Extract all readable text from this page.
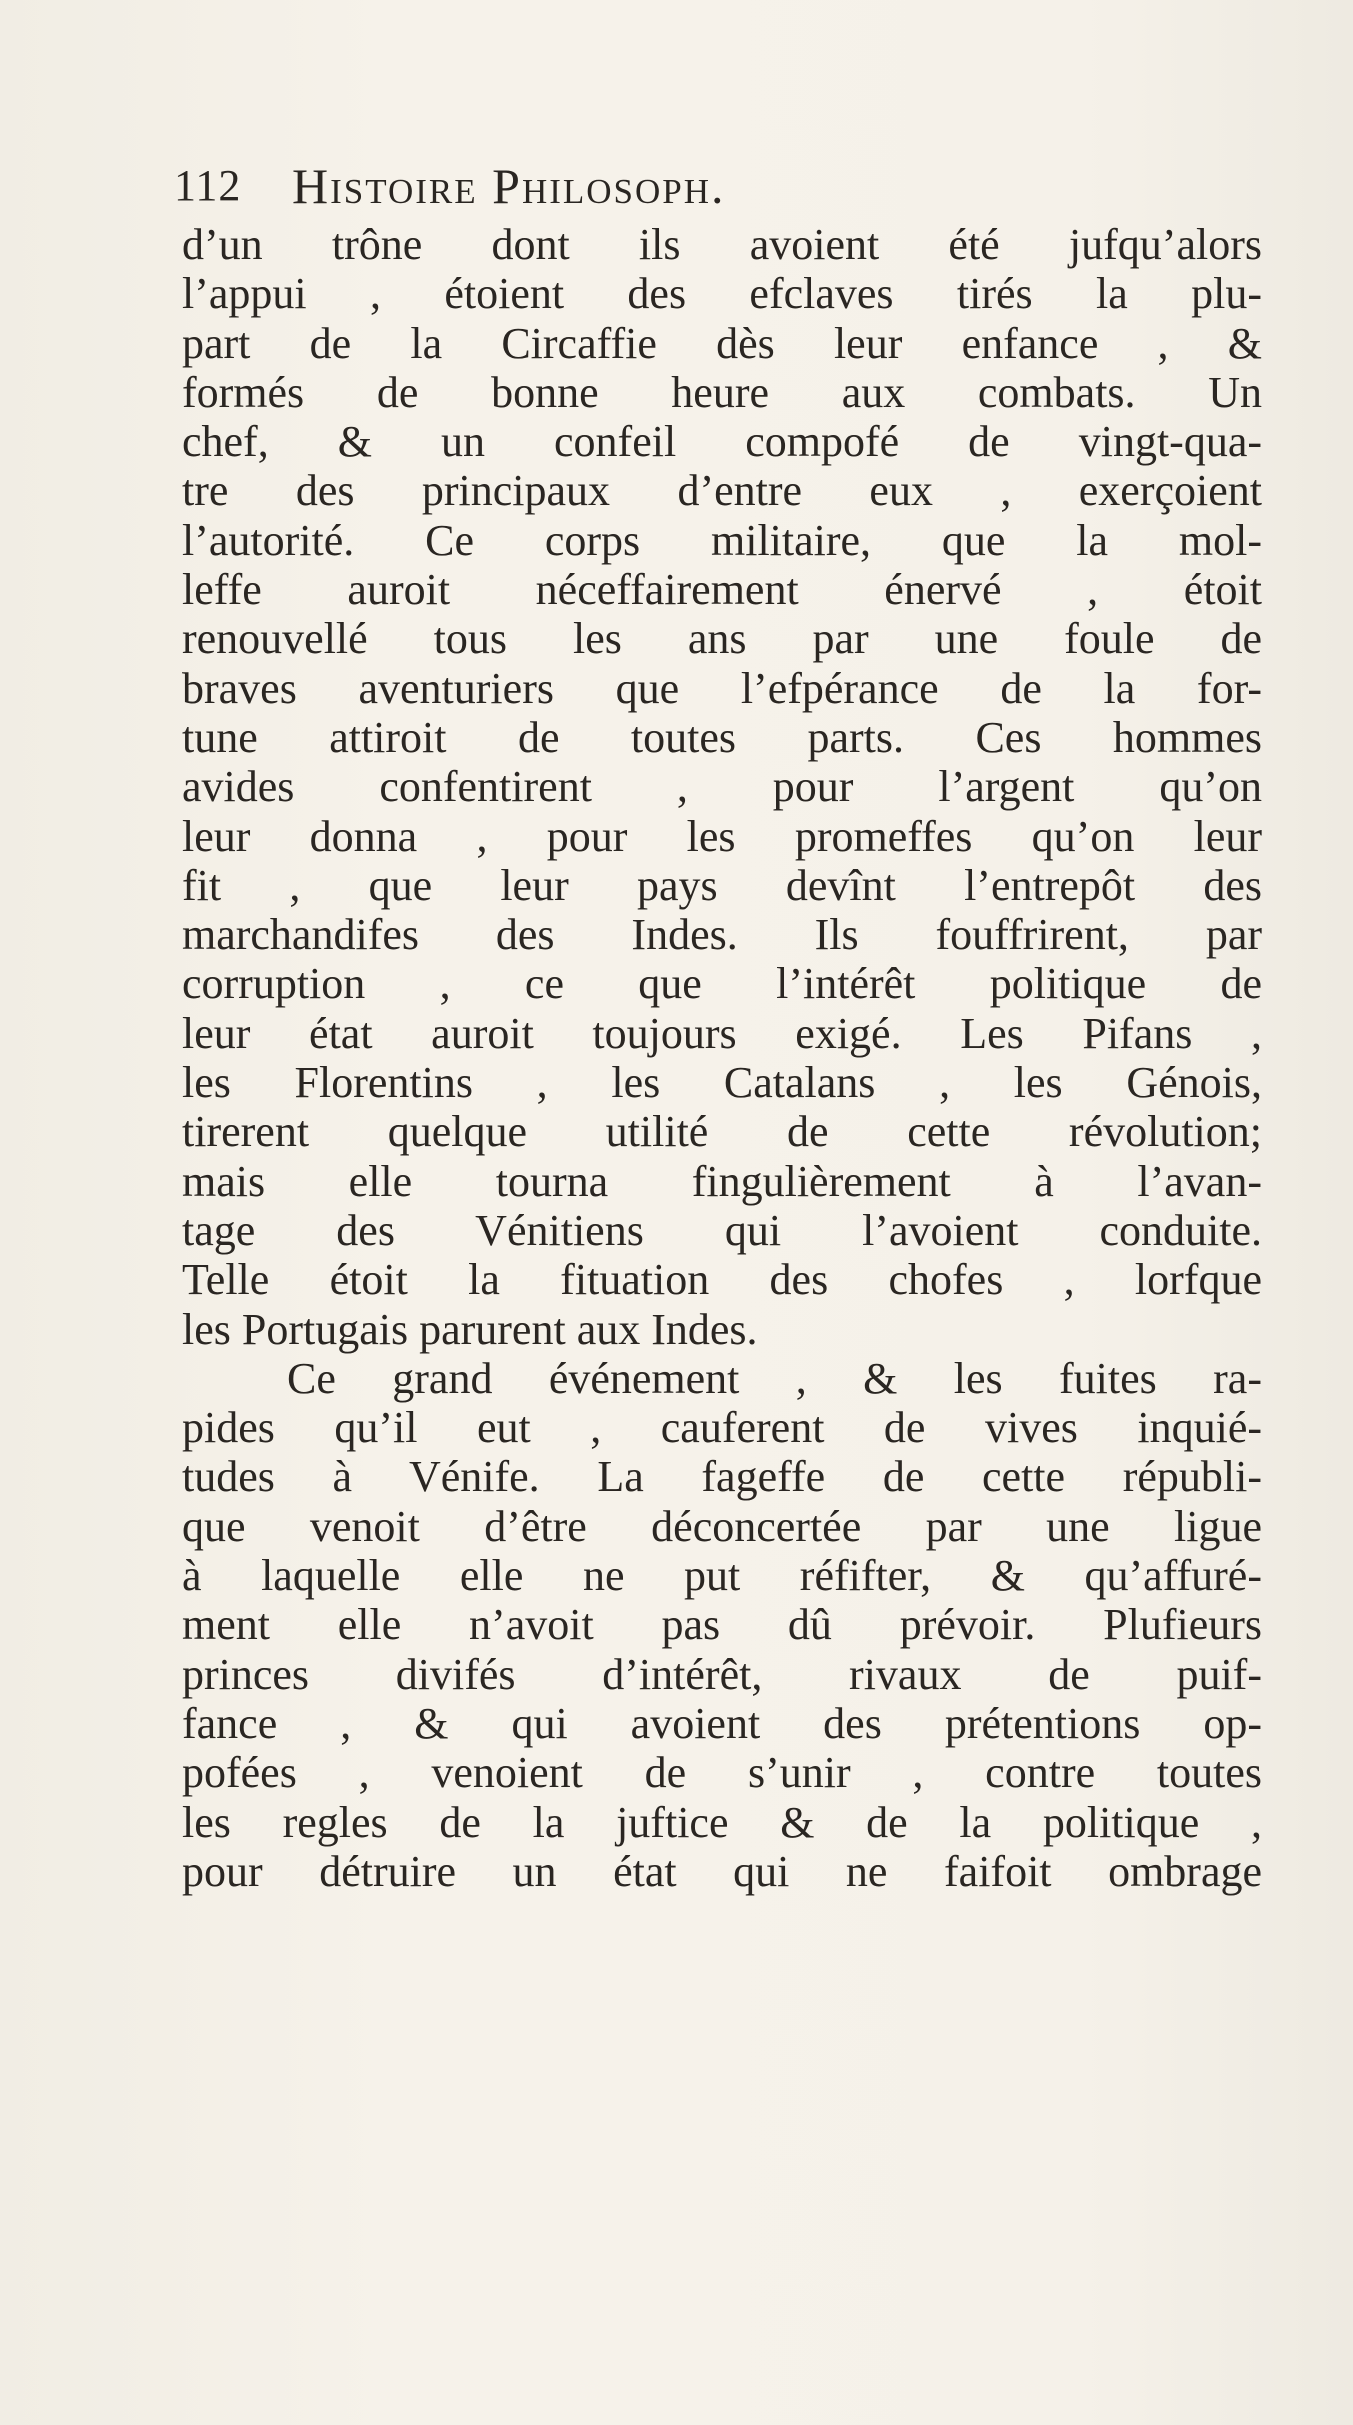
112 Histoire Philosoph.
d’un trône dont ils avoient été jufqu’alors
l’appui , étoient des efclaves tirés la plu-
part de la Circaffie dès leur enfance , &
formés de bonne heure aux combats. Un
chef, & un confeil compofé de vingt-qua-
tre des principaux d’entre eux , exerçoient
l’autorité. Ce corps militaire, que la mol-
leffe auroit néceffairement énervé , étoit
renouvellé tous les ans par une foule de
braves aventuriers que l’efpérance de la for-
tune attiroit de toutes parts. Ces hommes
avides confentirent , pour l’argent qu’on
leur donna , pour les promeffes qu’on leur
fit , que leur pays devînt l’entrepôt des
marchandifes des Indes. Ils fouffrirent, par
corruption , ce que l’intérêt politique de
leur état auroit toujours exigé. Les Pifans ,
les Florentins , les Catalans , les Génois,
tirerent quelque utilité de cette révolution;
mais elle tourna fingulièrement à l’avan-
tage des Vénitiens qui l’avoient conduite.
Telle étoit la fituation des chofes , lorfque
les Portugais parurent aux Indes.
Ce grand événement , & les fuites ra-
pides qu’il eut , cauferent de vives inquié-
tudes à Vénife. La fageffe de cette républi-
que venoit d’être déconcertée par une ligue
à laquelle elle ne put réfifter, & qu’affuré-
ment elle n’avoit pas dû prévoir. Plufieurs
princes divifés d’intérêt, rivaux de puif-
fance , & qui avoient des prétentions op-
pofées , venoient de s’unir , contre toutes
les regles de la juftice & de la politique ,
pour détruire un état qui ne faifoit ombrage
